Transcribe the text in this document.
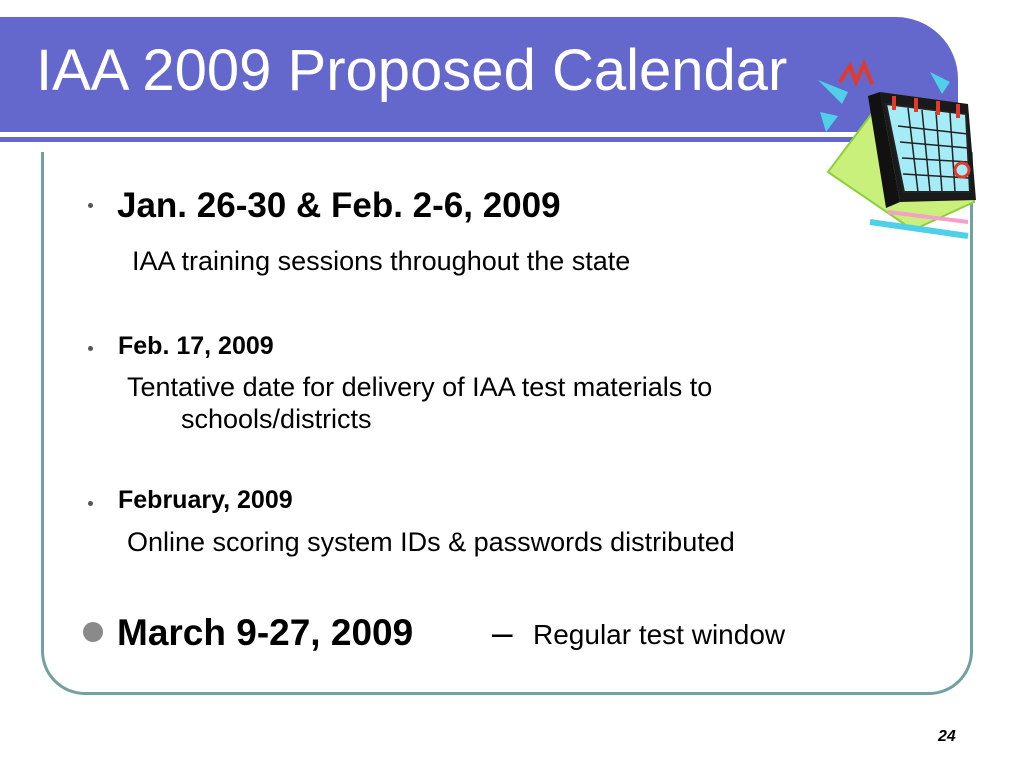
IAA 2009 Proposed Calendar
Jan. 26-30 & Feb. 2-6, 2009
IAA training sessions throughout the state
Feb. 17, 2009
Tentative date for delivery of IAA test materials to
schools/districts
February, 2009
Online scoring system IDs & passwords distributed
March 9-27, 2009 – Regular test window
24
